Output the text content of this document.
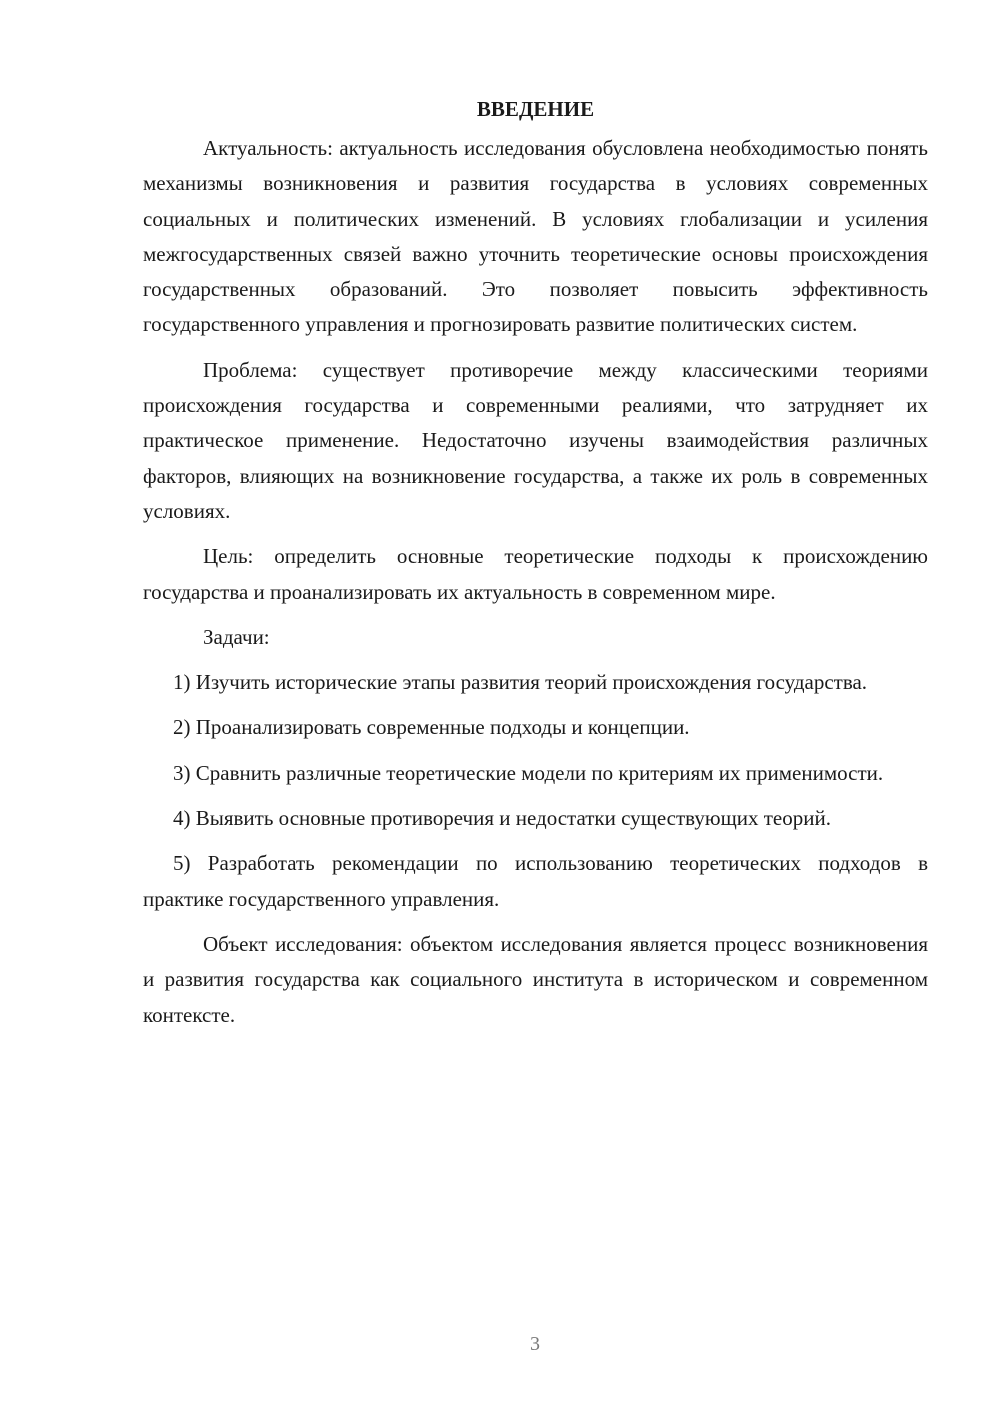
ВВЕДЕНИЕ

Актуальность: актуальность исследования обусловлена необходимостью понять механизмы возникновения и развития государства в условиях современных социальных и политических изменений. В условиях глобализации и усиления межгосударственных связей важно уточнить теоретические основы происхождения государственных образований. Это позволяет повысить эффективность государственного управления и прогнозировать развитие политических систем.

Проблема: существует противоречие между классическими теориями происхождения государства и современными реалиями, что затрудняет их практическое применение. Недостаточно изучены взаимодействия различных факторов, влияющих на возникновение государства, а также их роль в современных условиях.

Цель: определить основные теоретические подходы к происхождению государства и проанализировать их актуальность в современном мире.

Задачи:

1) Изучить исторические этапы развития теорий происхождения государства.

2) Проанализировать современные подходы и концепции.

3) Сравнить различные теоретические модели по критериям их применимости.

4) Выявить основные противоречия и недостатки существующих теорий.

5) Разработать рекомендации по использованию теоретических подходов в практике государственного управления.

Объект исследования: объектом исследования является процесс возникновения и развития государства как социального института в историческом и современном контексте.

3
